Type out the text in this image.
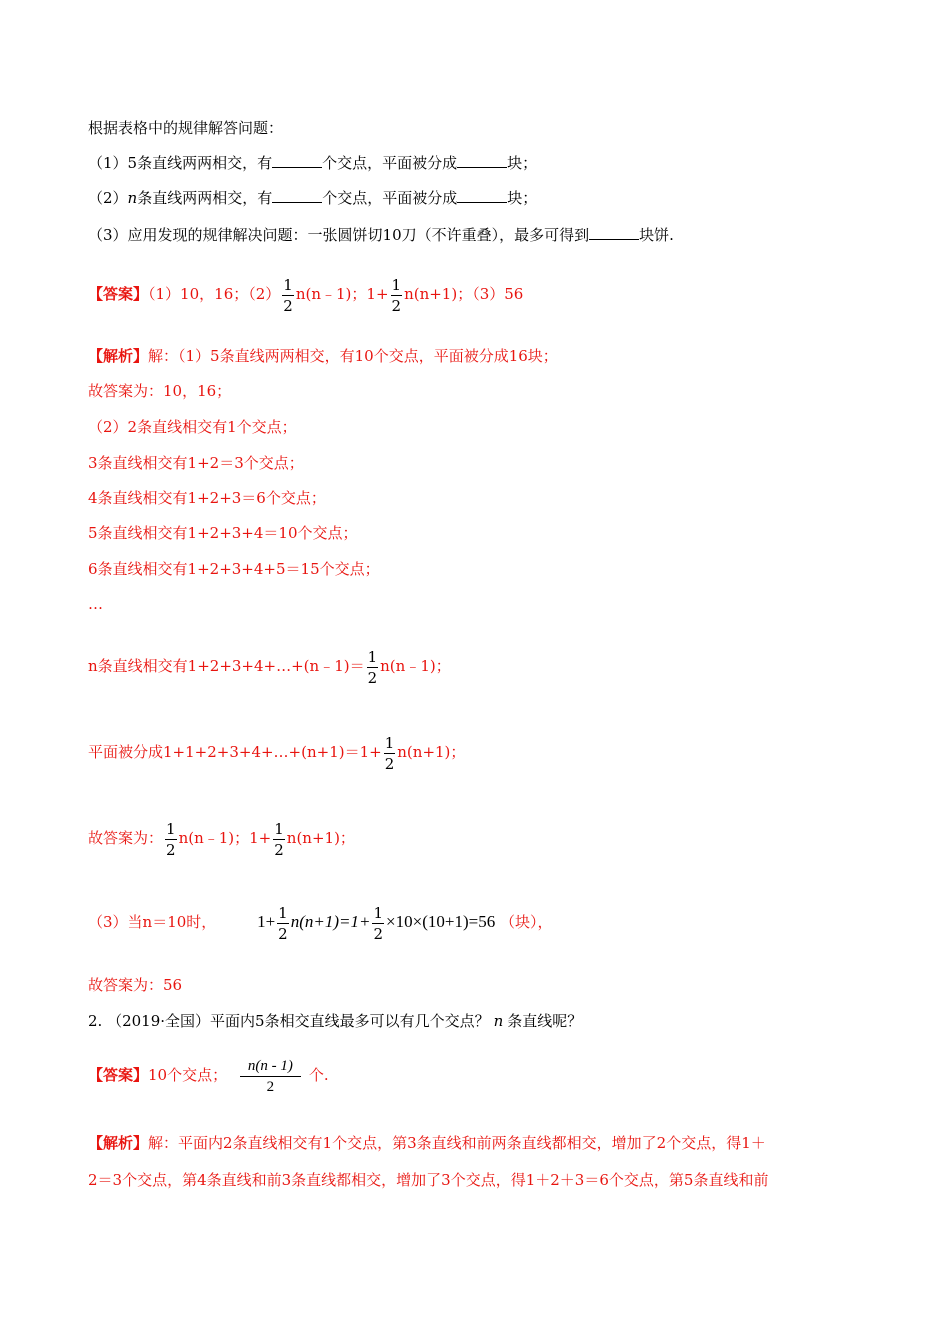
根据表格中的规律解答问题：
（1）5条直线两两相交，有	个交点，平面被分成	块；
（2）n条直线两两相交，有	个交点，平面被分成	块；
（3）应用发现的规律解决问题：一张圆饼切10刀（不许重叠），最多可得到	块饼.
【答案】（1）10，16；$(2) \frac{1}{2}$ n(n﹣1)；$1+ \frac{1}{2} n(n+1)$；（3）56
【解析】解：（1）5条直线两两相交，有10个交点，平面被分成16块；
故答案为：10，16；
（2）2条直线相交有1个交点；
3条直线相交有1+2＝3个交点；
4条直线相交有1+2+3＝6个交点；
5条直线相交有1+2+3+4＝10个交点；
6条直线相交有1+2+3+4+5＝15个交点；
…
n条直线相交有1+2+3+4+…+(n﹣1)＝ $\frac{1}{2}$ n(n﹣1)；
平面被分成1+1+2+3+4+…+(n+1)＝1+ $\frac{1}{2} n(n+1)$；
故答案为： $\frac{1}{2}$ n(n﹣1)；$1+ \frac{1}{2} n(n+1)$；
（3）当n＝10时， $1+ \frac{1}{2} n(n+1)=1+ \frac{1}{2} \times 10\times(10+1)=56$ （块），
故答案为：56
2. （2019·全国）平面内5条相交直线最多可以有几个交点？ n 条直线呢？
【答案】10个交点； $\frac{n(n - 1)}{2}$ 个.
【解析】解：平面内2条直线相交有1个交点，第3条直线和前两条直线都相交，增加了2个交点，得1＋
2＝3个交点，第4条直线和前3条直线都相交，增加了3个交点，得1＋2＋3＝6个交点，第5条直线和前
